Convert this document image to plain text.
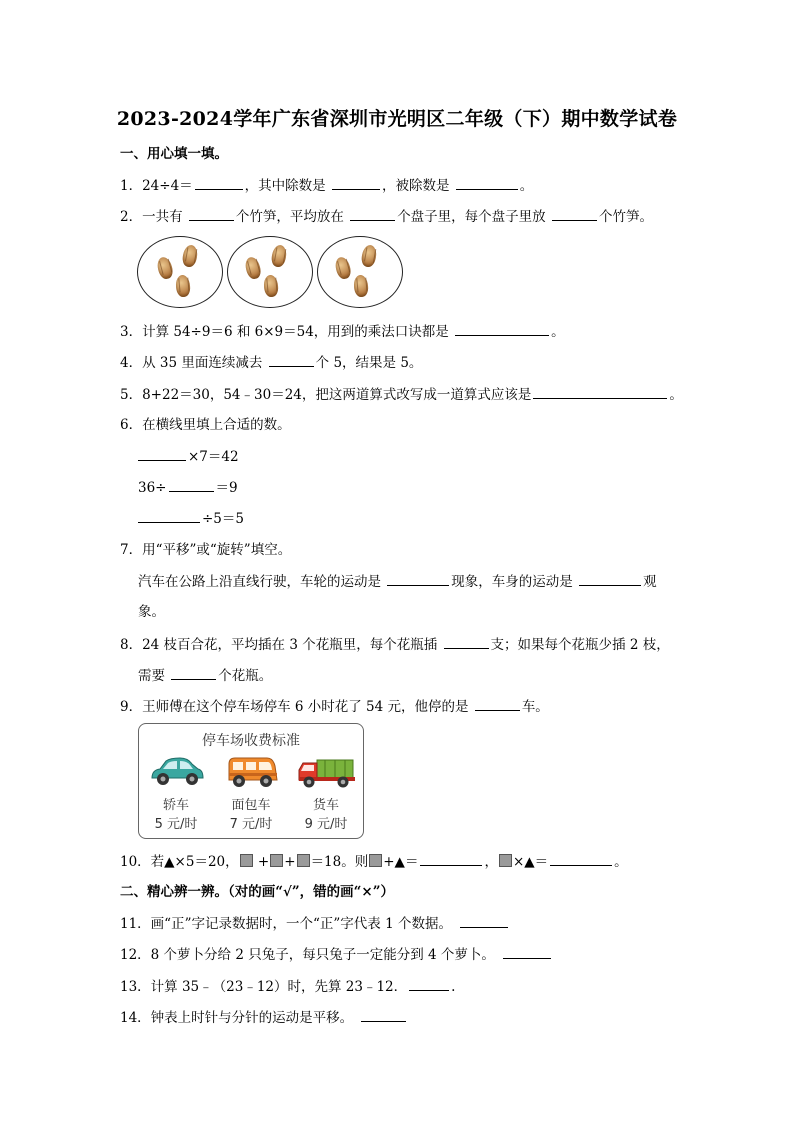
2023-2024学年广东省深圳市光明区二年级（下）期中数学试卷
一、用心填一填。
1．24÷4＝	，其中除数是	，被除数是	。
2．一共有	个竹笋，平均放在	个盘子里，每个盘子里放	个竹笋。
3．计算 54÷9＝6 和 6×9＝54，用到的乘法口诀都是	。
4．从 35 里面连续减去	个 5，结果是 5。
5．8+22＝30，54﹣30＝24，把这两道算式改写成一道算式应该是	。
6．在横线里填上合适的数。
×7＝42
36÷	＝9
÷5＝5
7．用“平移”或“旋转”填空。
汽车在公路上沿直线行驶，车轮的运动是	现象，车身的运动是	观
象。
8．24 枝百合花，平均插在 3 个花瓶里，每个花瓶插	支；如果每个花瓶少插 2 枝，
需要	个花瓶。
9．王师傅在这个停车场停车 6 小时花了 54 元，他停的是	车。
停车场收费标准
轿车
5 元/时
面包车
7 元/时
货车
9 元/时
10．若▲×5＝20， + + ＝18。则 +▲＝	， ×▲＝	。
二、精心辨一辨。（对的画“√”，错的画“×”）
11．画“正”字记录数据时，一个“正”字代表 1 个数据。
12．8 个萝卜分给 2 只兔子，每只兔子一定能分到 4 个萝卜。
13．计算 35﹣（23﹣12）时，先算 23﹣12．	.
14．钟表上时针与分针的运动是平移。
